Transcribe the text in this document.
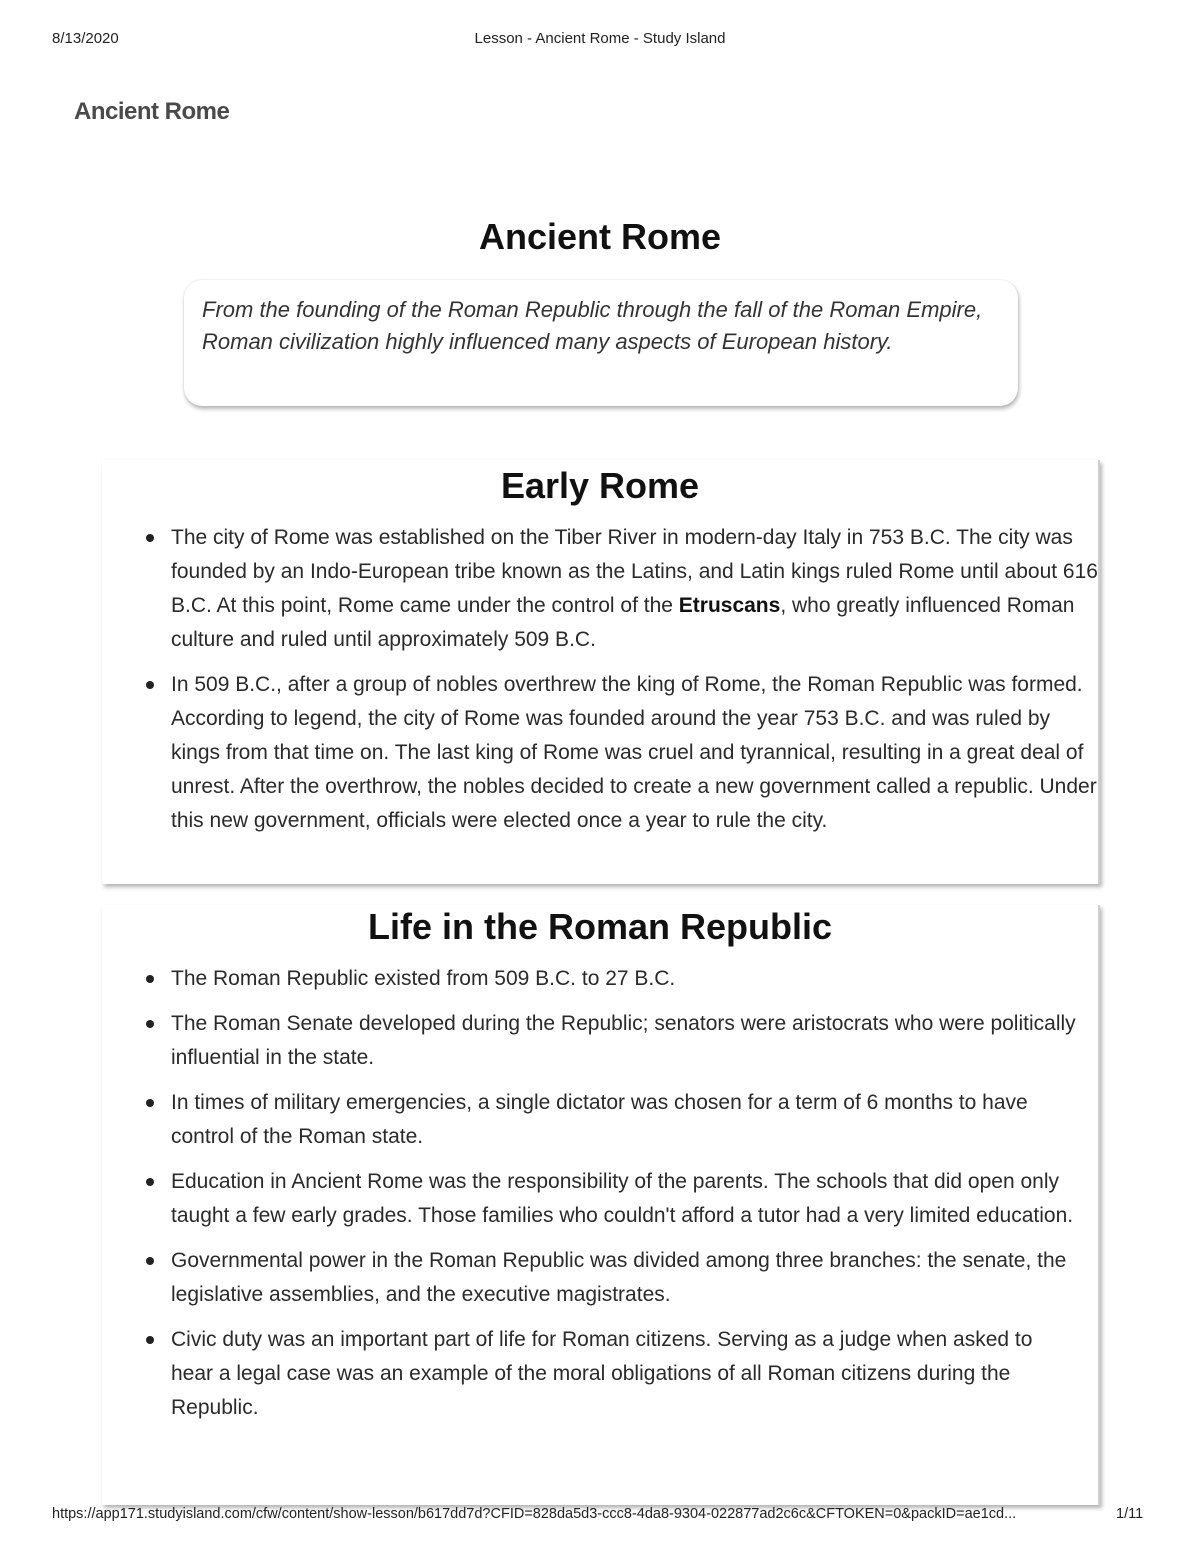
8/13/2020	Lesson - Ancient Rome - Study Island
Ancient Rome
Ancient Rome
From the founding of the Roman Republic through the fall of the Roman Empire, Roman civilization highly influenced many aspects of European history.
Early Rome
The city of Rome was established on the Tiber River in modern-day Italy in 753 B.C. The city was founded by an Indo-European tribe known as the Latins, and Latin kings ruled Rome until about 616 B.C. At this point, Rome came under the control of the Etruscans, who greatly influenced Roman culture and ruled until approximately 509 B.C.
In 509 B.C., after a group of nobles overthrew the king of Rome, the Roman Republic was formed. According to legend, the city of Rome was founded around the year 753 B.C. and was ruled by kings from that time on. The last king of Rome was cruel and tyrannical, resulting in a great deal of unrest. After the overthrow, the nobles decided to create a new government called a republic. Under this new government, officials were elected once a year to rule the city.
Life in the Roman Republic
The Roman Republic existed from 509 B.C. to 27 B.C.
The Roman Senate developed during the Republic; senators were aristocrats who were politically influential in the state.
In times of military emergencies, a single dictator was chosen for a term of 6 months to have control of the Roman state.
Education in Ancient Rome was the responsibility of the parents. The schools that did open only taught a few early grades. Those families who couldn't afford a tutor had a very limited education.
Governmental power in the Roman Republic was divided among three branches: the senate, the legislative assemblies, and the executive magistrates.
Civic duty was an important part of life for Roman citizens. Serving as a judge when asked to hear a legal case was an example of the moral obligations of all Roman citizens during the Republic.
https://app171.studyisland.com/cfw/content/show-lesson/b617dd7d?CFID=828da5d3-ccc8-4da8-9304-022877ad2c6c&CFTOKEN=0&packID=ae1cd...	1/11
